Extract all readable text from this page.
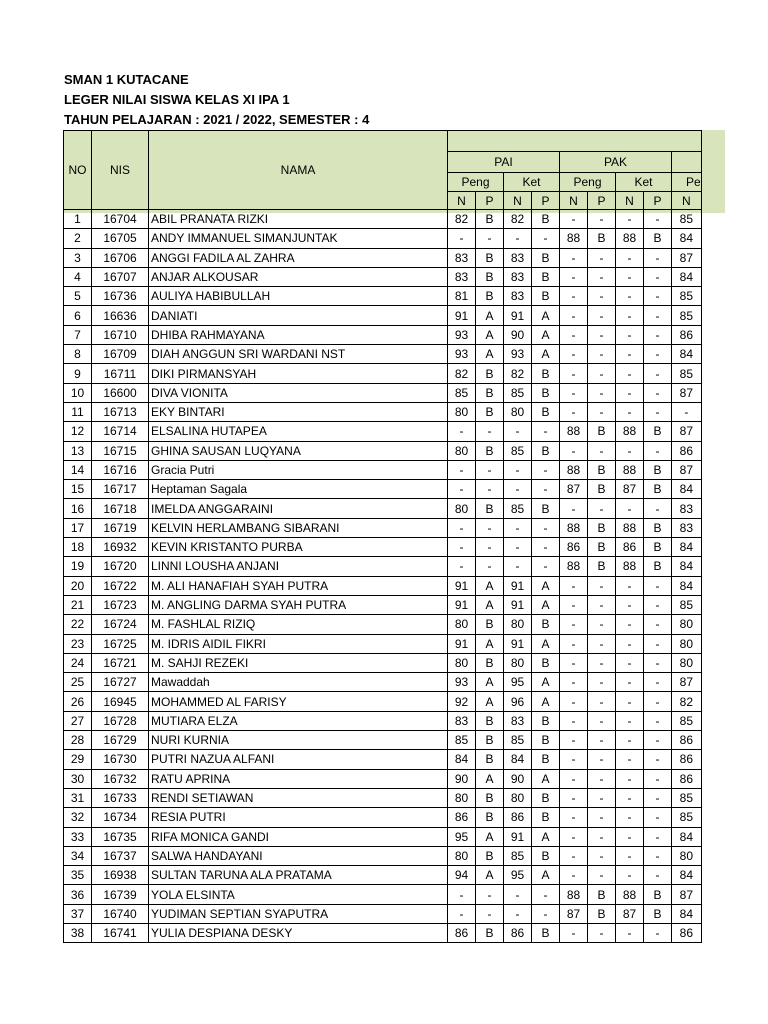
SMAN 1 KUTACANE
LEGER NILAI SISWA KELAS XI IPA 1
TAHUN PELAJARAN : 2021 / 2022, SEMESTER : 4
NO	NIS	NAMA									
			PAI				PAK				
			Peng		Ket		Peng		Ket		Pe
			N	P	N	P	N	P	N	P	N
1	16704	ABIL PRANATA RIZKI	82	B	82	B	-	-	-	-	85
2	16705	ANDY IMMANUEL SIMANJUNTAK	-	-	-	-	88	B	88	B	84
3	16706	ANGGI FADILA AL ZAHRA	83	B	83	B	-	-	-	-	87
4	16707	ANJAR ALKOUSAR	83	B	83	B	-	-	-	-	84
5	16736	AULIYA HABIBULLAH	81	B	83	B	-	-	-	-	85
6	16636	DANIATI	91	A	91	A	-	-	-	-	85
7	16710	DHIBA RAHMAYANA	93	A	90	A	-	-	-	-	86
8	16709	DIAH ANGGUN SRI WARDANI NST	93	A	93	A	-	-	-	-	84
9	16711	DIKI PIRMANSYAH	82	B	82	B	-	-	-	-	85
10	16600	DIVA VIONITA	85	B	85	B	-	-	-	-	87
11	16713	EKY BINTARI	80	B	80	B	-	-	-	-	-
12	16714	ELSALINA HUTAPEA	-	-	-	-	88	B	88	B	87
13	16715	GHINA SAUSAN LUQYANA	80	B	85	B	-	-	-	-	86
14	16716	Gracia Putri	-	-	-	-	88	B	88	B	87
15	16717	Heptaman Sagala	-	-	-	-	87	B	87	B	84
16	16718	IMELDA ANGGARAINI	80	B	85	B	-	-	-	-	83
17	16719	KELVIN HERLAMBANG SIBARANI	-	-	-	-	88	B	88	B	83
18	16932	KEVIN KRISTANTO PURBA	-	-	-	-	86	B	86	B	84
19	16720	LINNI LOUSHA ANJANI	-	-	-	-	88	B	88	B	84
20	16722	M. ALI HANAFIAH SYAH PUTRA	91	A	91	A	-	-	-	-	84
21	16723	M. ANGLING DARMA SYAH PUTRA	91	A	91	A	-	-	-	-	85
22	16724	M. FASHLAL RIZIQ	80	B	80	B	-	-	-	-	80
23	16725	M. IDRIS AIDIL FIKRI	91	A	91	A	-	-	-	-	80
24	16721	M. SAHJI REZEKI	80	B	80	B	-	-	-	-	80
25	16727	Mawaddah	93	A	95	A	-	-	-	-	87
26	16945	MOHAMMED AL FARISY	92	A	96	A	-	-	-	-	82
27	16728	MUTIARA ELZA	83	B	83	B	-	-	-	-	85
28	16729	NURI KURNIA	85	B	85	B	-	-	-	-	86
29	16730	PUTRI NAZUA ALFANI	84	B	84	B	-	-	-	-	86
30	16732	RATU APRINA	90	A	90	A	-	-	-	-	86
31	16733	RENDI SETIAWAN	80	B	80	B	-	-	-	-	85
32	16734	RESIA PUTRI	86	B	86	B	-	-	-	-	85
33	16735	RIFA MONICA GANDI	95	A	91	A	-	-	-	-	84
34	16737	SALWA HANDAYANI	80	B	85	B	-	-	-	-	80
35	16938	SULTAN TARUNA ALA PRATAMA	94	A	95	A	-	-	-	-	84
36	16739	YOLA ELSINTA	-	-	-	-	88	B	88	B	87
37	16740	YUDIMAN SEPTIAN SYAPUTRA	-	-	-	-	87	B	87	B	84
38	16741	YULIA DESPIANA DESKY	86	B	86	B	-	-	-	-	86
